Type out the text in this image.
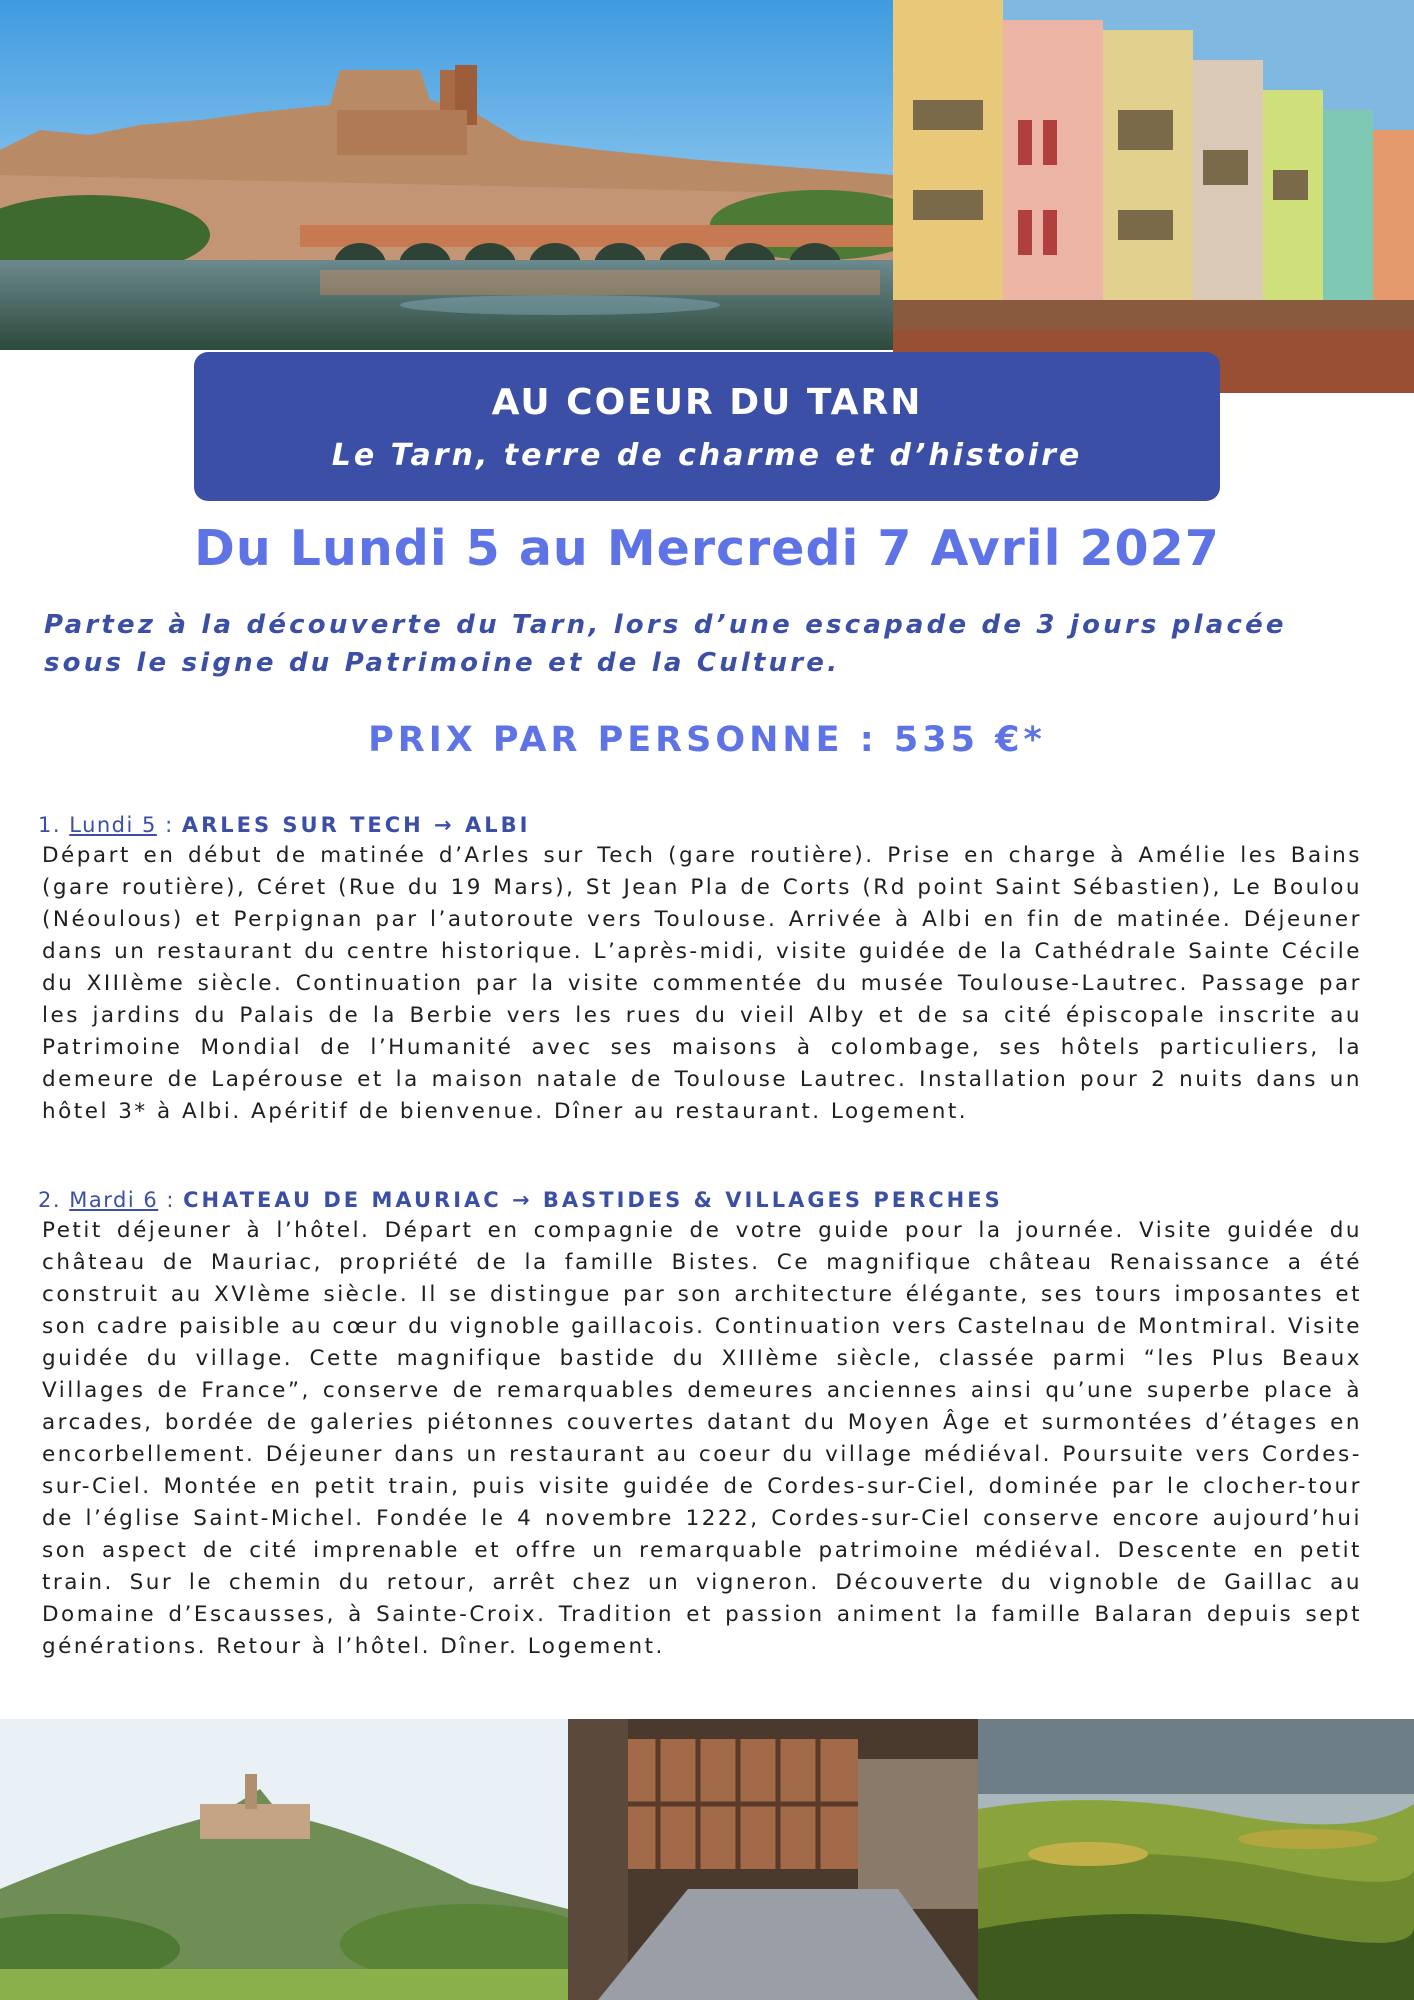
AU COEUR DU TARN
Le Tarn, terre de charme et d’histoire
Du Lundi 5 au Mercredi 7 Avril 2027
Partez à la découverte du Tarn, lors d’une escapade de 3 jours placée sous le signe du Patrimoine et de la Culture.
PRIX PAR PERSONNE : 535 €*
1. Lundi 5 : ARLES SUR TECH → ALBI
Départ en début de matinée d’Arles sur Tech (gare routière). Prise en charge à Amélie les Bains (gare routière), Céret (Rue du 19 Mars), St Jean Pla de Corts (Rd point Saint Sébastien), Le Boulou (Néoulous) et Perpignan par l’autoroute vers Toulouse. Arrivée à Albi en fin de matinée. Déjeuner dans un restaurant du centre historique. L’après-midi, visite guidée de la Cathédrale Sainte Cécile du XIIIème siècle. Continuation par la visite commentée du musée Toulouse-Lautrec. Passage par les jardins du Palais de la Berbie vers les rues du vieil Alby et de sa cité épiscopale inscrite au Patrimoine Mondial de l’Humanité avec ses maisons à colombage, ses hôtels particuliers, la demeure de Lapérouse et la maison natale de Toulouse Lautrec. Installation pour 2 nuits dans un hôtel 3* à Albi. Apéritif de bienvenue. Dîner au restaurant. Logement.
2. Mardi 6 : CHATEAU DE MAURIAC → BASTIDES & VILLAGES PERCHES
Petit déjeuner à l’hôtel. Départ en compagnie de votre guide pour la journée. Visite guidée du château de Mauriac, propriété de la famille Bistes. Ce magnifique château Renaissance a été construit au XVIème siècle. Il se distingue par son architecture élégante, ses tours imposantes et son cadre paisible au cœur du vignoble gaillacois. Continuation vers Castelnau de Montmiral. Visite guidée du village. Cette magnifique bastide du XIIIème siècle, classée parmi “les Plus Beaux Villages de France”, conserve de remarquables demeures anciennes ainsi qu’une superbe place à arcades, bordée de galeries piétonnes couvertes datant du Moyen Âge et surmontées d’étages en encorbellement. Déjeuner dans un restaurant au coeur du village médiéval. Poursuite vers Cordes-sur-Ciel. Montée en petit train, puis visite guidée de Cordes-sur-Ciel, dominée par le clocher-tour de l’église Saint-Michel. Fondée le 4 novembre 1222, Cordes-sur-Ciel conserve encore aujourd’hui son aspect de cité imprenable et offre un remarquable patrimoine médiéval. Descente en petit train. Sur le chemin du retour, arrêt chez un vigneron. Découverte du vignoble de Gaillac au Domaine d’Escausses, à Sainte-Croix. Tradition et passion animent la famille Balaran depuis sept générations. Retour à l’hôtel. Dîner. Logement.
